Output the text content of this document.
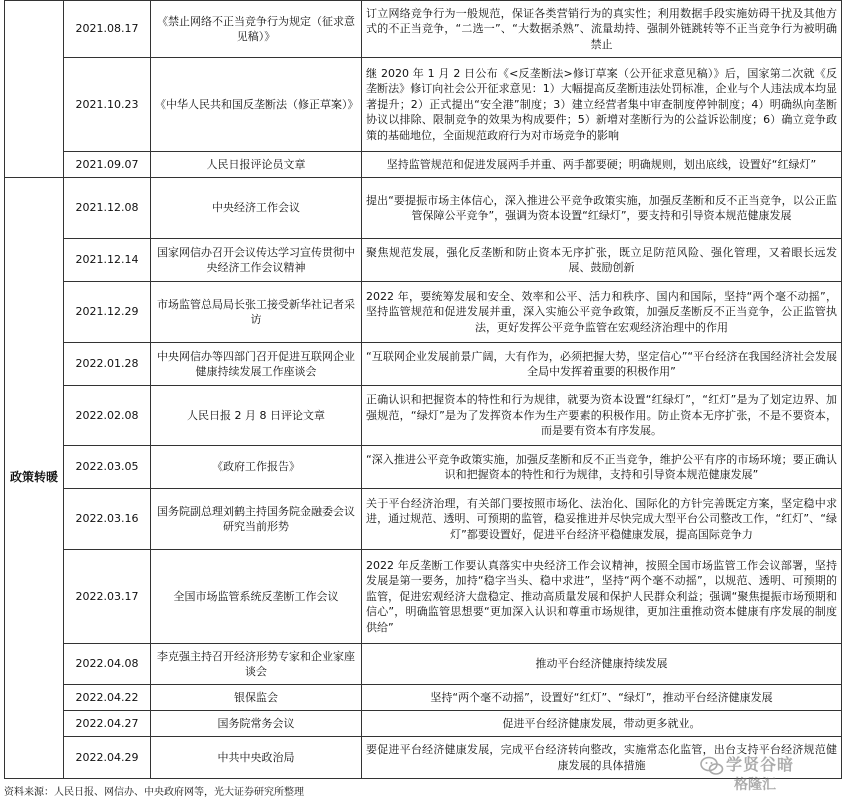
	2021.08.17	《禁止网络不正当竞争行为规定（征求意见稿）》	订立网络竞争行为一般规范，保证各类营销行为的真实性；利用数据手段实施妨碍干扰及其他方式的不正当竞争，“二选一”、“大数据杀熟”、流量劫持、强制外链跳转等不正当竞争行为被明确禁止
	2021.10.23	《中华人民共和国反垄断法（修正草案）》	继 2020 年 1 月 2 日公布《<反垄断法>修订草案（公开征求意见稿）》后，国家第二次就《反垄断法》修订向社会公开征求意见：1）大幅提高反垄断违法处罚标准，企业与个人违法成本均显著提升；2）正式提出“安全港”制度；3）建立经营者集中审查制度停钟制度；4）明确纵向垄断协议以排除、限制竞争的效果为构成要件；5）新增对垄断行为的公益诉讼制度；6）确立竞争政策的基础地位，全面规范政府行为对市场竞争的影响
	2021.09.07	人民日报评论员文章	坚持监管规范和促进发展两手并重、两手都要硬；明确规则，划出底线，设置好“红绿灯”
政策转暖	2021.12.08	中央经济工作会议	提出“要提振市场主体信心，深入推进公平竞争政策实施，加强反垄断和反不正当竞争，以公正监管保障公平竞争”，强调为资本设置“红绿灯”，要支持和引导资本规范健康发展
	2021.12.14	国家网信办召开会议传达学习宣传贯彻中央经济工作会议精神	聚焦规范发展，强化反垄断和防止资本无序扩张，既立足防范风险、强化管理，又着眼长远发展、鼓励创新
	2021.12.29	市场监管总局局长张工接受新华社记者采访	2022 年，要统筹发展和安全、效率和公平、活力和秩序、国内和国际，坚持“两个毫不动摇”，坚持监管规范和促进发展并重，深入实施公平竞争政策，加强反垄断反不正当竞争，公正监管执法，更好发挥公平竞争监管在宏观经济治理中的作用
	2022.01.28	中央网信办等四部门召开促进互联网企业健康持续发展工作座谈会	“互联网企业发展前景广阔，大有作为，必须把握大势，坚定信心”“平台经济在我国经济社会发展全局中发挥着重要的积极作用”
	2022.02.08	人民日报 2 月 8 日评论文章	正确认识和把握资本的特性和行为规律，就要为资本设置“红绿灯”，“红灯”是为了划定边界、加强规范，“绿灯”是为了发挥资本作为生产要素的积极作用。防止资本无序扩张，不是不要资本，而是要有资本有序发展。
	2022.03.05	《政府工作报告》	“深入推进公平竞争政策实施，加强反垄断和反不正当竞争，维护公平有序的市场环境；要正确认识和把握资本的特性和行为规律，支持和引导资本规范健康发展”
	2022.03.16	国务院副总理刘鹤主持国务院金融委会议研究当前形势	关于平台经济治理，有关部门要按照市场化、法治化、国际化的方针完善既定方案，坚定稳中求进，通过规范、透明、可预期的监管，稳妥推进并尽快完成大型平台公司整改工作，“红灯”、“绿灯”都要设置好，促进平台经济平稳健康发展，提高国际竞争力
	2022.03.17	全国市场监管系统反垄断工作会议	2022 年反垄断工作要认真落实中央经济工作会议精神，按照全国市场监管工作会议部署，坚持发展是第一要务，加持“稳字当头、稳中求进”，坚持“两个毫不动摇”，以规范、透明、可预期的监管，促进宏观经济大盘稳定、推动高质量发展和保护人民群众利益；强调“聚焦提振市场预期和信心”，明确监管思想要“更加深入认识和尊重市场规律，更加注重推动资本健康有序发展的制度供给”
	2022.04.08	李克强主持召开经济形势专家和企业家座谈会	推动平台经济健康持续发展
	2022.04.22	银保监会	坚持“两个毫不动摇”，设置好“红灯”、“绿灯”，推动平台经济健康发展
	2022.04.27	国务院常务会议	促进平台经济健康发展，带动更多就业。
	2022.04.29	中共中央政治局	要促进平台经济健康发展，完成平台经济转向整改，实施常态化监管，出台支持平台经济规范健康发展的具体措施
资料来源：人民日报、网信办、中央政府网等，光大证券研究所整理
学贤谷暗
格隆汇
